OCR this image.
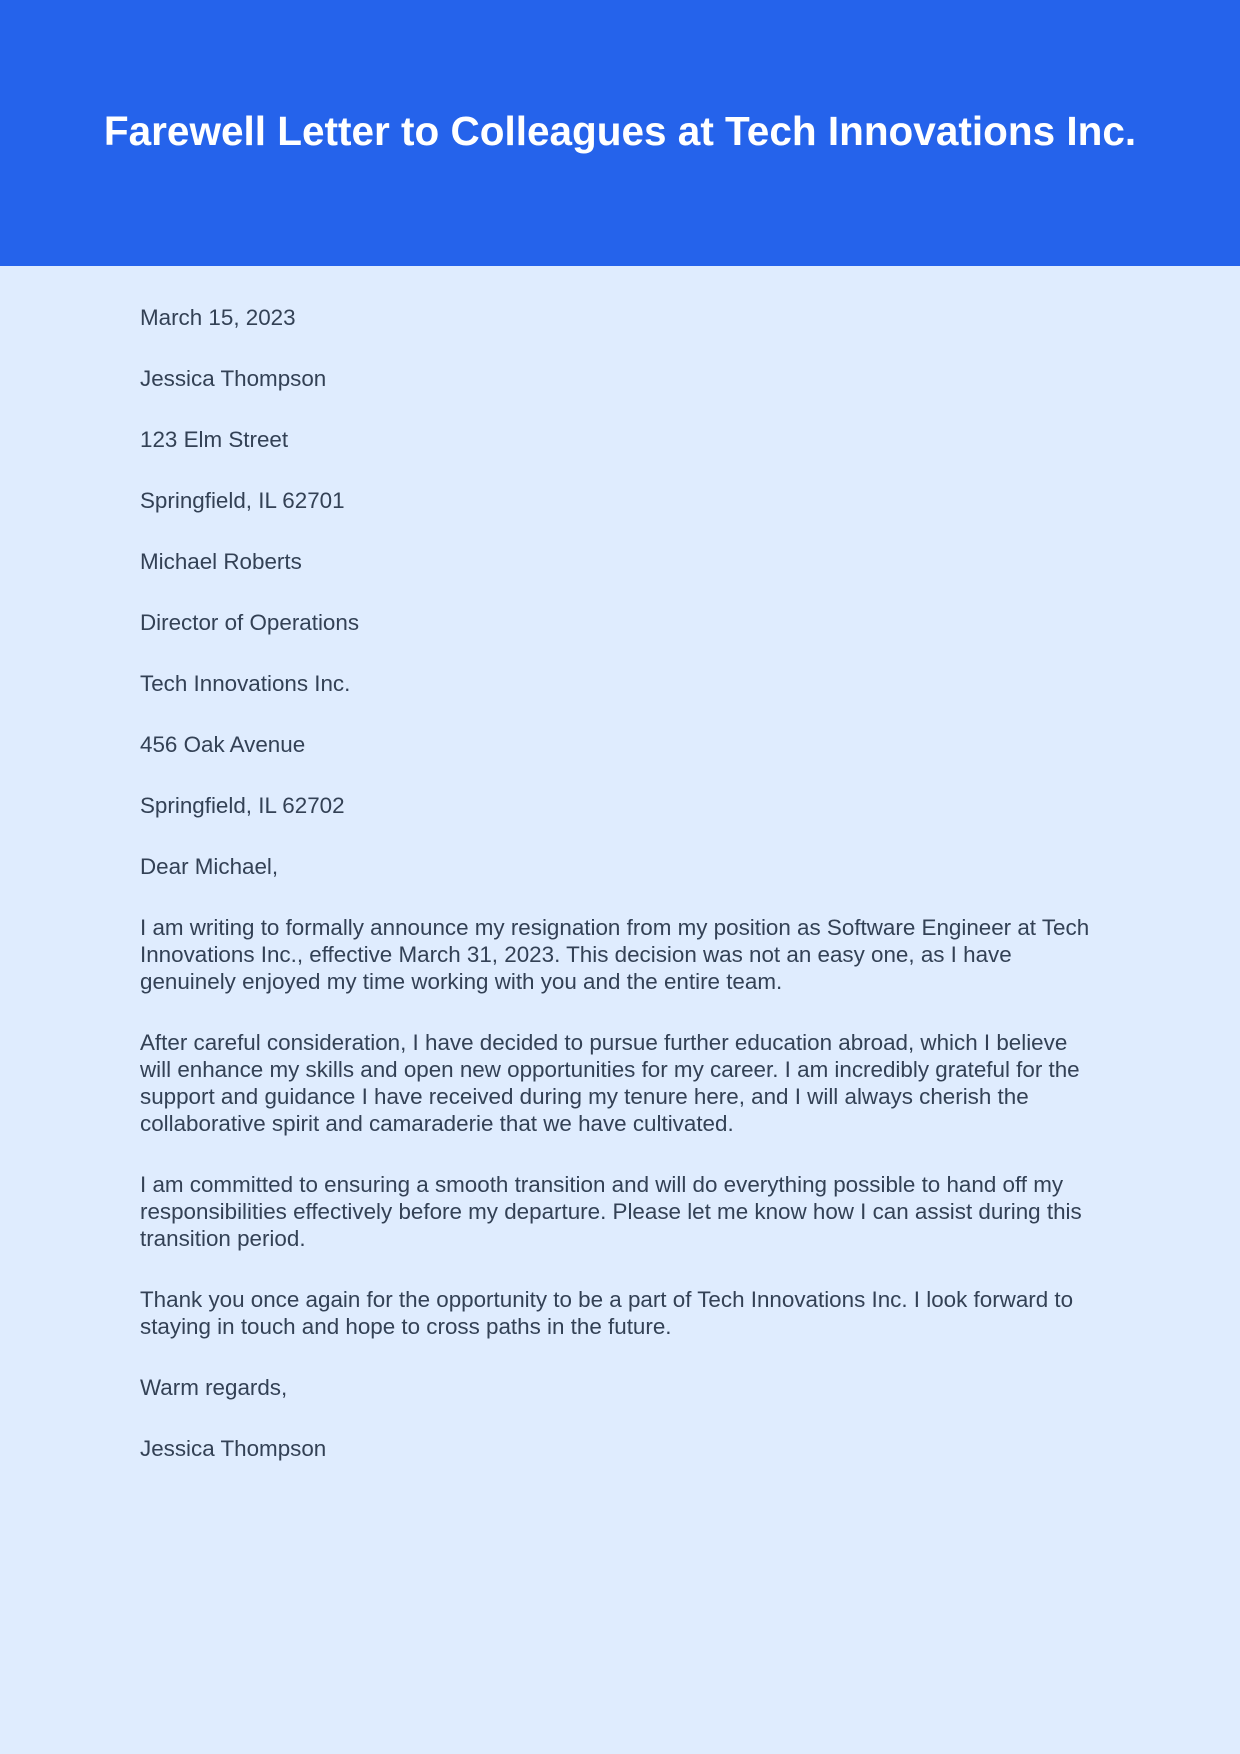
Farewell Letter to Colleagues at Tech Innovations Inc.

March 15, 2023

Jessica Thompson

123 Elm Street

Springfield, IL 62701

Michael Roberts

Director of Operations

Tech Innovations Inc.

456 Oak Avenue

Springfield, IL 62702

Dear Michael,

I am writing to formally announce my resignation from my position as Software Engineer at Tech Innovations Inc., effective March 31, 2023. This decision was not an easy one, as I have genuinely enjoyed my time working with you and the entire team.

After careful consideration, I have decided to pursue further education abroad, which I believe will enhance my skills and open new opportunities for my career. I am incredibly grateful for the support and guidance I have received during my tenure here, and I will always cherish the collaborative spirit and camaraderie that we have cultivated.

I am committed to ensuring a smooth transition and will do everything possible to hand off my responsibilities effectively before my departure. Please let me know how I can assist during this transition period.

Thank you once again for the opportunity to be a part of Tech Innovations Inc. I look forward to staying in touch and hope to cross paths in the future.

Warm regards,

Jessica Thompson
